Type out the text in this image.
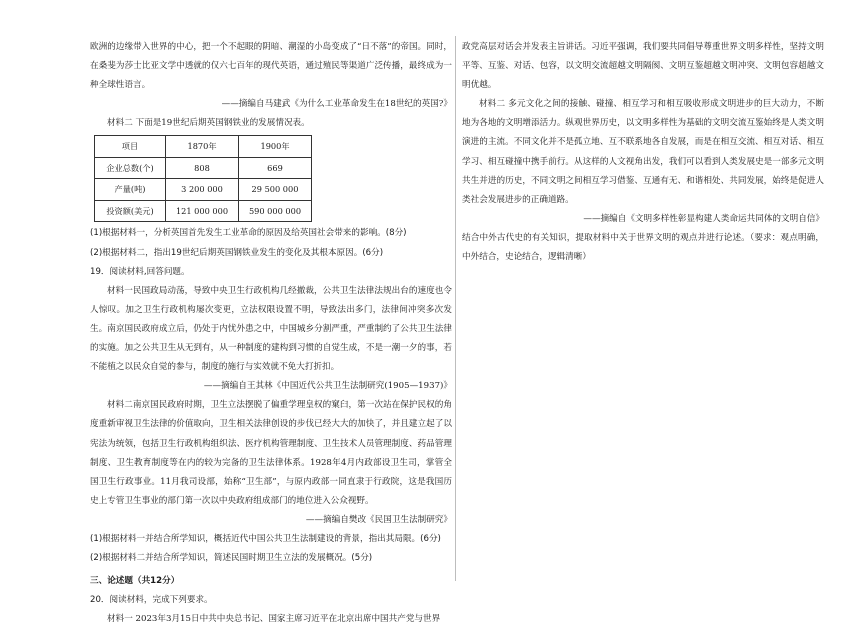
欧洲的边缘带入世界的中心，把一个不起眼的阴暗、潮湿的小岛变成了“日不落”的帝国。同时，在桑斐为莎士比亚文学中透就的仅六七百年的现代英语，通过殖民等渠道广泛传播，最终成为一种全球性语言。

——摘编自马建武《为什么工业革命发生在18世纪的英国?》

材料二 下面是19世纪后期英国钢铁业的发展情况表。

项目	1870年	1900年
企业总数(个)	808	669
产量(吨)	3 200 000	29 500 000
投资额(美元)	121 000 000	590 000 000

(1)根据材料一，分析英国首先发生工业革命的原因及给英国社会带来的影响。(8分)

(2)根据材料二，指出19世纪后期英国钢铁业发生的变化及其根本原因。(6分)

19．阅读材料,回答问题。

材料一民国政局动荡，导致中央卫生行政机构几经撤裁，公共卫生法律法规出台的速度也令人惊叹。加之卫生行政机构屡次变更，立法权限设置不明，导致法出多门，法律间冲突多次发生。南京国民政府成立后，仍处于内忧外患之中，中国城乡分割严重，严重制约了公共卫生法律的实施。加之公共卫生从无到有，从一种制度的建构到习惯的自觉生成，不是一潮一夕的事，若不能植之以民众自觉的参与，制度的施行与实效就不免大打折扣。

——摘编自王其林《中国近代公共卫生法制研究(1905—1937)》

材料二南京国民政府时期，卫生立法摆脱了偏重学理皇权的窠臼，第一次站在保护民权的角度重新审视卫生法律的价值取向，卫生相关法律创设的步伐已经大大的加快了，并且建立起了以宪法为统领，包括卫生行政机构组织法、医疗机构管理制度、卫生技术人员管理制度、药品管理制度、卫生教育制度等在内的较为完备的卫生法律体系。1928年4月内政部设卫生司，掌管全国卫生行政事业。11月我司设部，始称“卫生部”，与原内政部一同直隶于行政院，这是我国历史上专管卫生事业的部门第一次以中央政府组成部门的地位进入公众视野。

——摘编自樊改《民国卫生法制研究》

(1)根据材料一并结合所学知识，概括近代中国公共卫生法制建设的背景，指出其局限。(6分)

(2)根据材料二并结合所学知识，简述民国时期卫生立法的发展概况。(5分)

三、论述题（共12分）

20．阅读材料，完成下列要求。

材料一 2023年3月15日中共中央总书记、国家主席习近平在北京出席中国共产党与世界

政党高层对话会并发表主旨讲话。习近平强调，我们要共同倡导尊重世界文明多样性，坚持文明平等、互鉴、对话、包容，以文明交流超越文明隔阂、文明互鉴超越文明冲突、文明包容超越文明优越。

材料二 多元文化之间的接触、碰撞、相互学习和相互吸收形成文明进步的巨大动力，不断地为各地的文明增添活力。纵观世界历史，以文明多样性为基础的文明交流互鉴始终是人类文明演进的主流。不同文化并不是孤立地、互不联系地各自发展，而是在相互交流、相互对话、相互学习、相互碰撞中携手前行。从这样的人文视角出发，我们可以看到人类发展史是一部多元文明共生并进的历史，不同文明之间相互学习借鉴、互通有无、和谐相处、共同发展，始终是促进人类社会发展进步的正确道路。

——摘编自《文明多样性彰显构建人类命运共同体的文明自信》

结合中外古代史的有关知识，提取材料中关于世界文明的观点并进行论述。（要求：观点明确，中外结合，史论结合，逻辑清晰）
